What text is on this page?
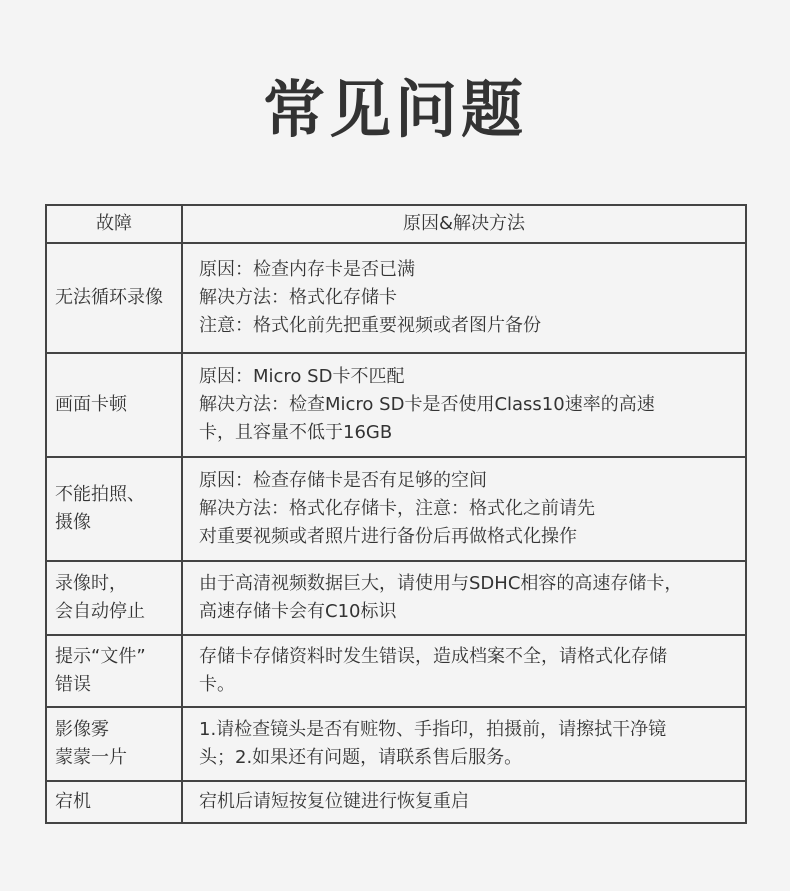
常见问题
故障	原因&解决方法

无法循环录像	原因：检查内存卡是否已满
解决方法：格式化存储卡
注意：格式化前先把重要视频或者图片备份

画面卡顿	原因：Micro SD卡不匹配
解决方法：检查Micro SD卡是否使用Class10速率的高速
卡，且容量不低于16GB

不能拍照、
摄像	原因：检查存储卡是否有足够的空间
解决方法：格式化存储卡，注意：格式化之前请先
对重要视频或者照片进行备份后再做格式化操作

录像时，
会自动停止	由于高清视频数据巨大，请使用与SDHC相容的高速存储卡，
高速存储卡会有C10标识

提示“文件”
错误	存储卡存储资料时发生错误，造成档案不全，请格式化存储
卡。

影像雾
蒙蒙一片	1.请检查镜头是否有赃物、手指印，拍摄前，请擦拭干净镜
头；2.如果还有问题，请联系售后服务。

宕机	宕机后请短按复位键进行恢复重启
